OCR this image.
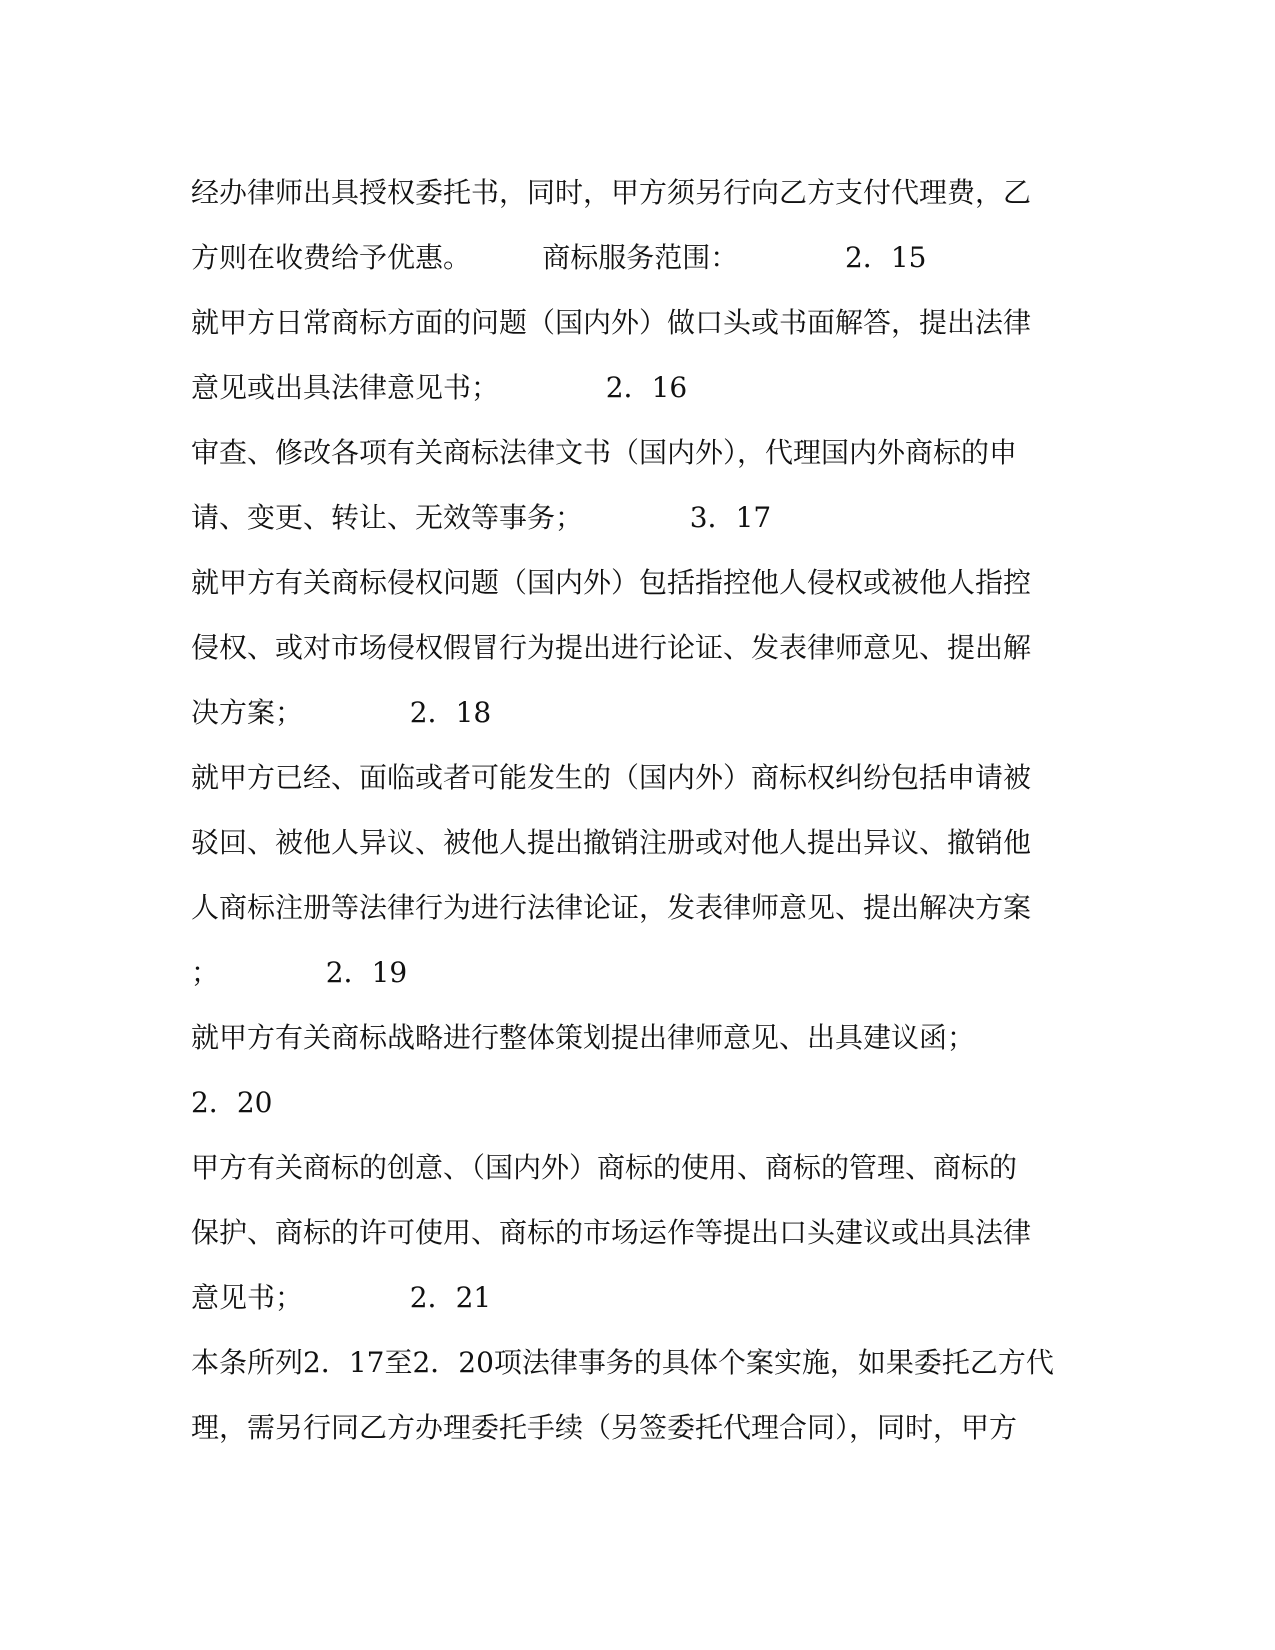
经办律师出具授权委托书，同时，甲方须另行向乙方支付代理费，乙
方则在收费给予优惠。        商标服务范围：            2．15
就甲方日常商标方面的问题（国内外）做口头或书面解答，提出法律
意见或出具法律意见书；            2．16
审查、修改各项有关商标法律文书（国内外），代理国内外商标的申
请、变更、转让、无效等事务；            3．17
就甲方有关商标侵权问题（国内外）包括指控他人侵权或被他人指控
侵权、或对市场侵权假冒行为提出进行论证、发表律师意见、提出解
决方案；            2．18
就甲方已经、面临或者可能发生的（国内外）商标权纠纷包括申请被
驳回、被他人异议、被他人提出撤销注册或对他人提出异议、撤销他
人商标注册等法律行为进行法律论证，发表律师意见、提出解决方案
；            2．19
就甲方有关商标战略进行整体策划提出律师意见、出具建议函；
2．20
甲方有关商标的创意、（国内外）商标的使用、商标的管理、商标的
保护、商标的许可使用、商标的市场运作等提出口头建议或出具法律
意见书；            2．21
本条所列2．17至2．20项法律事务的具体个案实施，如果委托乙方代
理，需另行同乙方办理委托手续（另签委托代理合同），同时，甲方
